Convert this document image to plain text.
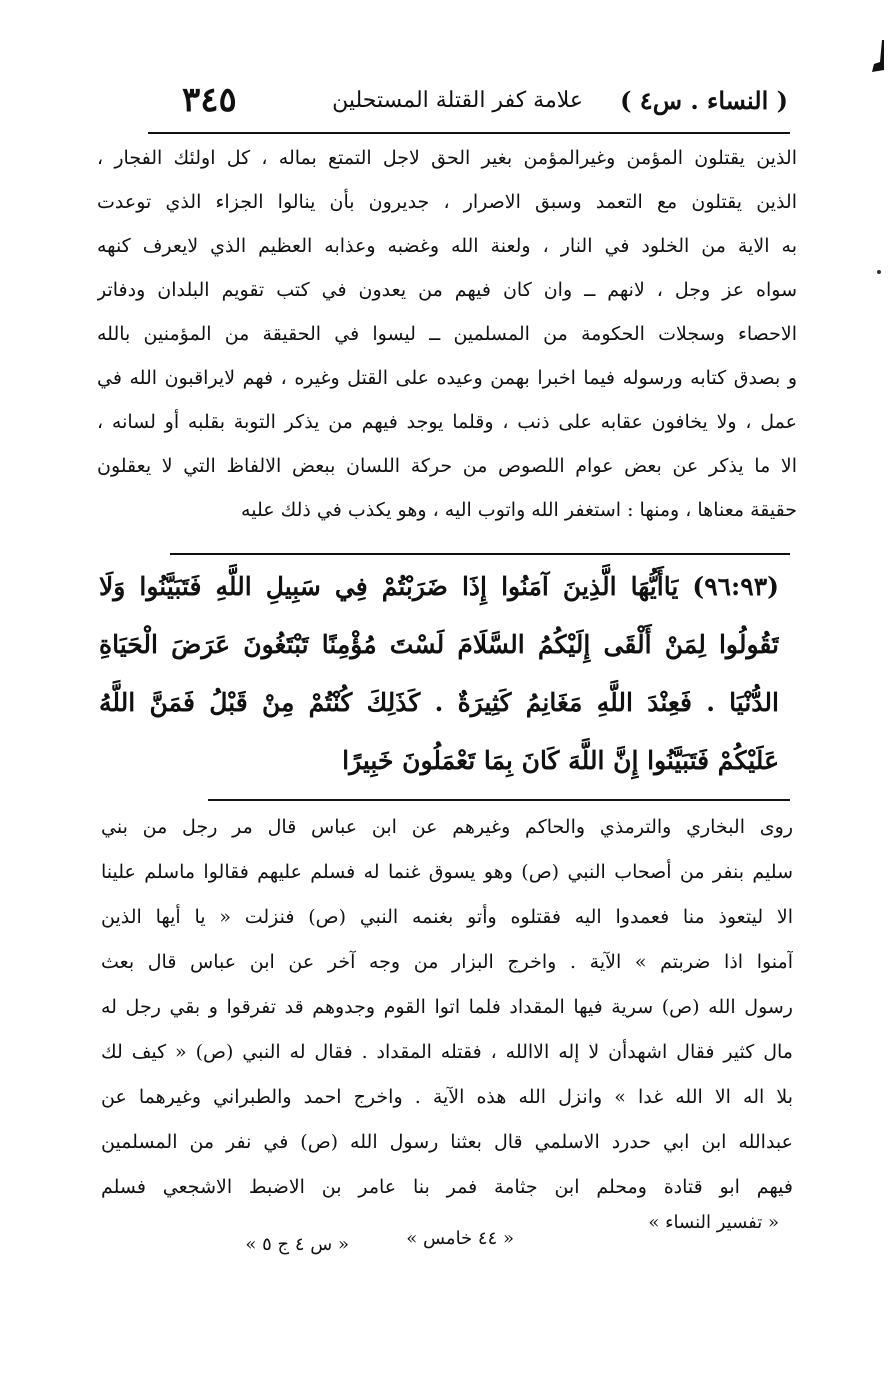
( النساء . س٤ )
علامة كفر القتلة المستحلين
٣٤٥
الذين يقتلون المؤمن وغيرالمؤمن بغير الحق لاجل التمتع بماله ، كل اولئك الفجار ،
الذين يقتلون مع التعمد وسبق الاصرار ، جديرون بأن ينالوا الجزاء الذي توعدت
به الاية من الخلود في النار ، ولعنة الله وغضبه وعذابه العظيم الذي لايعرف كنهه
سواه عز وجل ، لانهم ــ وان كان فيهم من يعدون في كتب تقويم البلدان ودفاتر
الاحصاء وسجلات الحكومة من المسلمين ــ ليسوا في الحقيقة من المؤمنين بالله
و بصدق كتابه ورسوله فيما اخبرا بهمن وعيده على القتل وغيره ، فهم لايراقبون الله في
عمل ، ولا يخافون عقابه على ذنب ، وقلما يوجد فيهم من يذكر التوبة بقلبه أو لسانه ،
الا ما يذكر عن بعض عوام اللصوص من حركة اللسان ببعض الالفاظ التي لا يعقلون
حقيقة معناها ، ومنها : استغفر الله واتوب اليه ، وهو يكذب في ذلك عليه
(٩٦:٩٣) يَاأَيُّهَا الَّذِينَ آمَنُوا إِذَا ضَرَبْتُمْ فِي سَبِيلِ اللَّهِ فَتَبَيَّنُوا وَلَا
تَقُولُوا لِمَنْ أَلْقَى إِلَيْكُمُ السَّلَامَ لَسْتَ مُؤْمِنًا تَبْتَغُونَ عَرَضَ الْحَيَاةِ
الدُّنْيَا . فَعِنْدَ اللَّهِ مَغَانِمُ كَثِيرَةٌ . كَذَلِكَ كُنْتُمْ مِنْ قَبْلُ فَمَنَّ اللَّهُ
عَلَيْكُمْ فَتَبَيَّنُوا إِنَّ اللَّهَ كَانَ بِمَا تَعْمَلُونَ خَبِيرًا
روى البخاري والترمذي والحاكم وغيرهم عن ابن عباس قال مر رجل من بني
سليم بنفر من أصحاب النبي (ص) وهو يسوق غنما له فسلم عليهم فقالوا ماسلم علينا
الا ليتعوذ منا فعمدوا اليه فقتلوه وأتو بغنمه النبي (ص) فنزلت « يا أيها الذين
آمنوا اذا ضربتم » الآية . واخرج البزار من وجه آخر عن ابن عباس قال بعث
رسول الله (ص) سرية فيها المقداد فلما اتوا القوم وجدوهم قد تفرقوا و بقي رجل له
مال كثير فقال اشهدأن لا إله الاالله ، فقتله المقداد . فقال له النبي (ص) « كيف لك
بلا اله الا الله غدا » وانزل الله هذه الآية . واخرج احمد والطبراني وغيرهما عن
عبدالله ابن ابي حدرد الاسلمي قال بعثنا رسول الله (ص) في نفر من المسلمين
فيهم ابو قتادة ومحلم ابن جثامة فمر بنا عامر بن الاضبط الاشجعي فسلم
« تفسير النساء »
« ٤٤ خامس »
« س ٤ ج ٥ »
